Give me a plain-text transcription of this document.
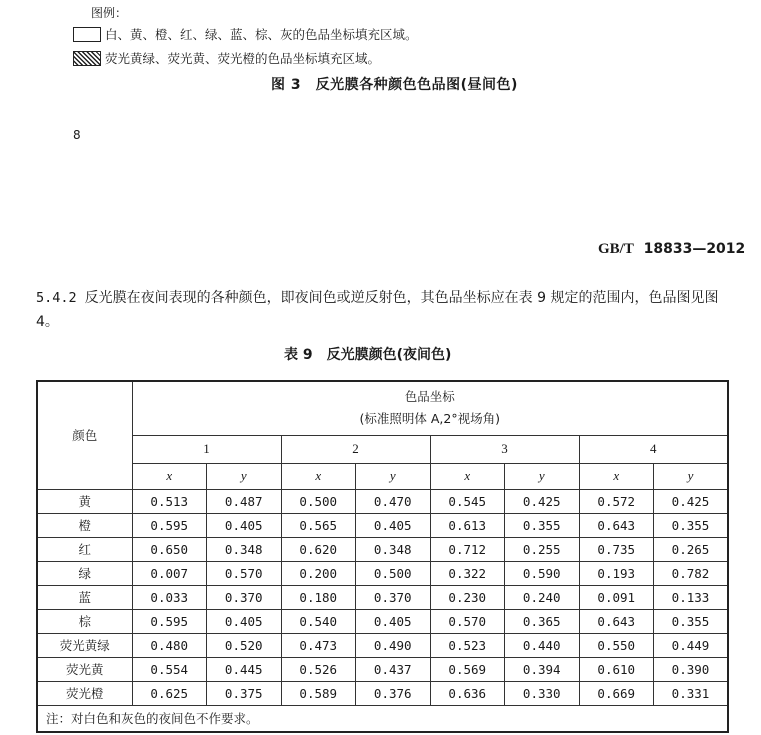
图例：
白、黄、橙、红、绿、蓝、棕、灰的色品坐标填充区域。
荧光黄绿、荧光黄、荧光橙的色品坐标填充区域。
图 3　反光膜各种颜色色品图(昼间色)
8
GB/T 18833—2012
5.4.2 反光膜在夜间表现的各种颜色，即夜间色或逆反射色，其色品坐标应在表 9 规定的范围内，色品图见图 4。
表 9　反光膜颜色(夜间色)
颜色	色品坐标
(标准照明体 A,2°视场角)							

	1		2		3		4	
	x	y	x	y	x	y	x	y
黄	0.513	0.487	0.500	0.470	0.545	0.425	0.572	0.425
橙	0.595	0.405	0.565	0.405	0.613	0.355	0.643	0.355
红	0.650	0.348	0.620	0.348	0.712	0.255	0.735	0.265
绿	0.007	0.570	0.200	0.500	0.322	0.590	0.193	0.782
蓝	0.033	0.370	0.180	0.370	0.230	0.240	0.091	0.133
棕	0.595	0.405	0.540	0.405	0.570	0.365	0.643	0.355
荧光黄绿	0.480	0.520	0.473	0.490	0.523	0.440	0.550	0.449
荧光黄	0.554	0.445	0.526	0.437	0.569	0.394	0.610	0.390
荧光橙	0.625	0.375	0.589	0.376	0.636	0.330	0.669	0.331
注：对白色和灰色的夜间色不作要求。								
